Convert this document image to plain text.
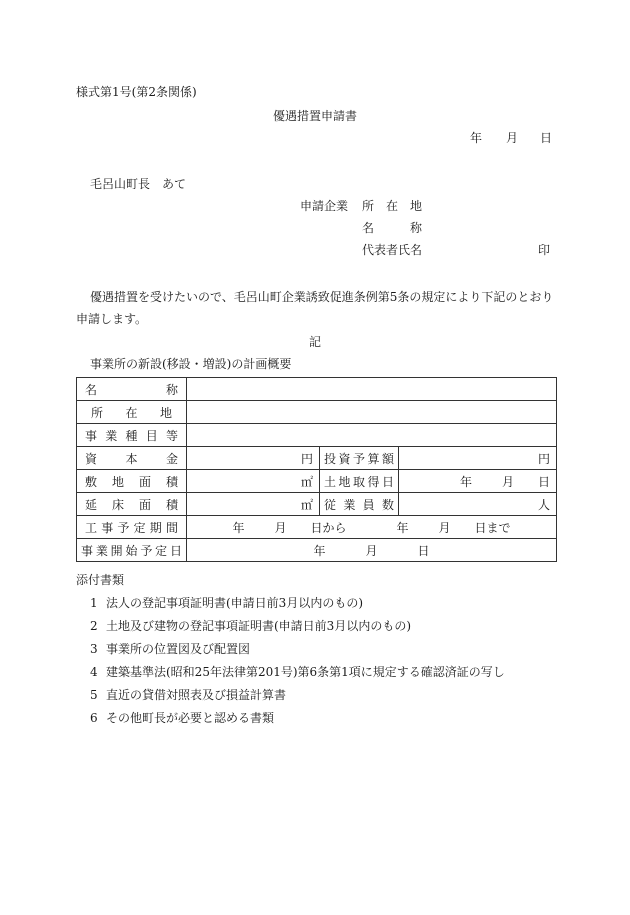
様式第1号(第2条関係)
優遇措置申請書
年 月 日
毛呂山町長　あて
申請企業 所　在　地
名　　　称
代表者氏名	印
優遇措置を受けたいので、毛呂山町企業誘致促進条例第5条の規定により下記のとおり
申請します。
記
事業所の新設(移設・増設)の計画概要
名称			
所在地			
事業種目等			
資本金	円	投資予算額	円
敷地面積	㎡	土地取得日	年 月 日
延床面積	㎡	従業員数	人
工事予定期間	年 月 日から 年 月 日まで		
事業開始予定日	年 月 日		
添付書類
1 法人の登記事項証明書(申請日前3月以内のもの)
2 土地及び建物の登記事項証明書(申請日前3月以内のもの)
3 事業所の位置図及び配置図
4 建築基準法(昭和25年法律第201号)第6条第1項に規定する確認済証の写し
5 直近の貸借対照表及び損益計算書
6 その他町長が必要と認める書類
